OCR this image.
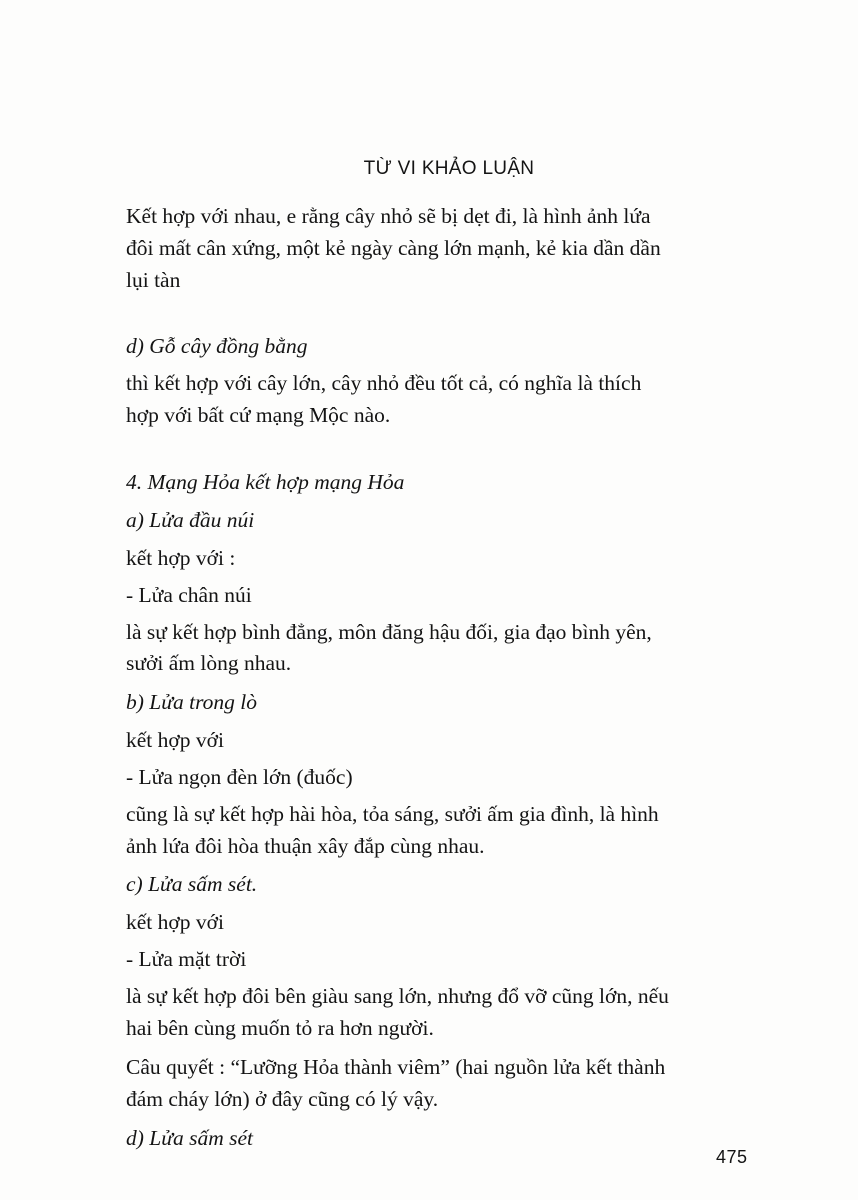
TỪ VI KHẢO LUẬN
Kết hợp với nhau, e rằng cây nhỏ sẽ bị dẹt đi, là hình ảnh lứa
đôi mất cân xứng, một kẻ ngày càng lớn mạnh, kẻ kia dần dần
lụi tàn
d) Gỗ cây đồng bằng
thì kết hợp với cây lớn, cây nhỏ đều tốt cả, có nghĩa là thích
hợp với bất cứ mạng Mộc nào.
4. Mạng Hỏa kết hợp mạng Hỏa
a) Lửa đầu núi
kết hợp với :
- Lửa chân núi
là sự kết hợp bình đẳng, môn đăng hậu đối, gia đạo bình yên,
sưởi ấm lòng nhau.
b) Lửa trong lò
kết hợp với
- Lửa ngọn đèn lớn (đuốc)
cũng là sự kết hợp hài hòa, tỏa sáng, sưởi ấm gia đình, là hình
ảnh lứa đôi hòa thuận xây đắp cùng nhau.
c) Lửa sấm sét.
kết hợp với
- Lửa mặt trời
là sự kết hợp đôi bên giàu sang lớn, nhưng đổ vỡ cũng lớn, nếu
hai bên cùng muốn tỏ ra hơn người.
Câu quyết : “Lưỡng Hỏa thành viêm” (hai nguồn lửa kết thành
đám cháy lớn) ở đây cũng có lý vậy.
d) Lửa sấm sét
475
